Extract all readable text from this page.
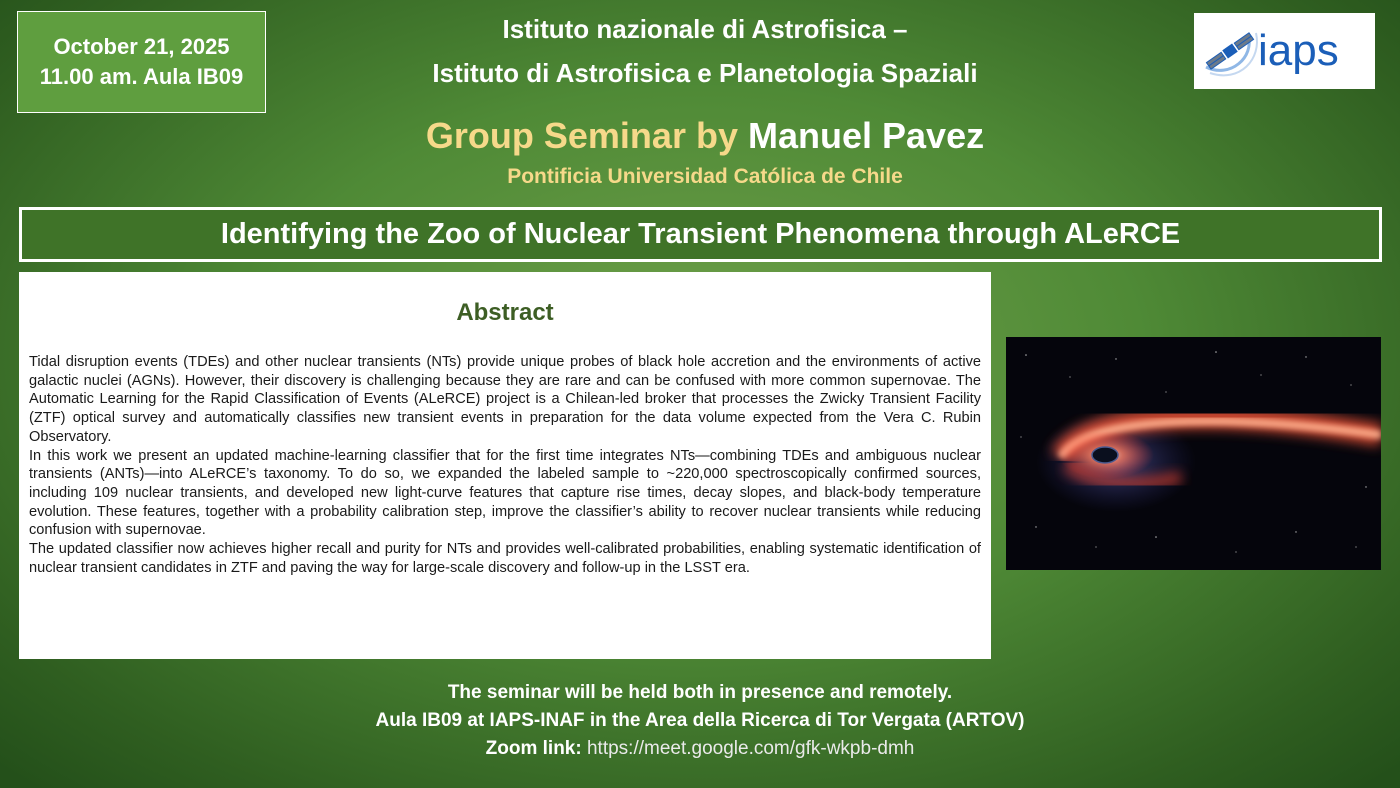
October 21, 2025
11.00 am. Aula IB09
Istituto nazionale di Astrofisica –
Istituto di Astrofisica e Planetologia Spaziali	iaps
Group Seminar by Manuel Pavez
Pontificia Universidad Católica de Chile
Identifying the Zoo of Nuclear Transient Phenomena through ALeRCE
Abstract

Tidal disruption events (TDEs) and other nuclear transients (NTs) provide unique probes of black hole accretion and the environments of active galactic nuclei (AGNs). However, their discovery is challenging because they are rare and can be confused with more common supernovae. The Automatic Learning for the Rapid Classification of Events (ALeRCE) project is a Chilean-led broker that processes the Zwicky Transient Facility (ZTF) optical survey and automatically classifies new transient events in preparation for the data volume expected from the Vera C. Rubin Observatory.

In this work we present an updated machine-learning classifier that for the first time integrates NTs—combining TDEs and ambiguous nuclear transients (ANTs)—into ALeRCE’s taxonomy. To do so, we expanded the labeled sample to ~220,000 spectroscopically confirmed sources, including 109 nuclear transients, and developed new light-curve features that capture rise times, decay slopes, and black-body temperature evolution. These features, together with a probability calibration step, improve the classifier’s ability to recover nuclear transients while reducing confusion with supernovae.

The updated classifier now achieves higher recall and purity for NTs and provides well-calibrated probabilities, enabling systematic identification of nuclear transient candidates in ZTF and paving the way for large-scale discovery and follow-up in the LSST era.

The seminar will be held both in presence and remotely.
Aula IB09 at IAPS-INAF in the Area della Ricerca di Tor Vergata (ARTOV)
Zoom link: https://meet.google.com/gfk-wkpb-dmh
